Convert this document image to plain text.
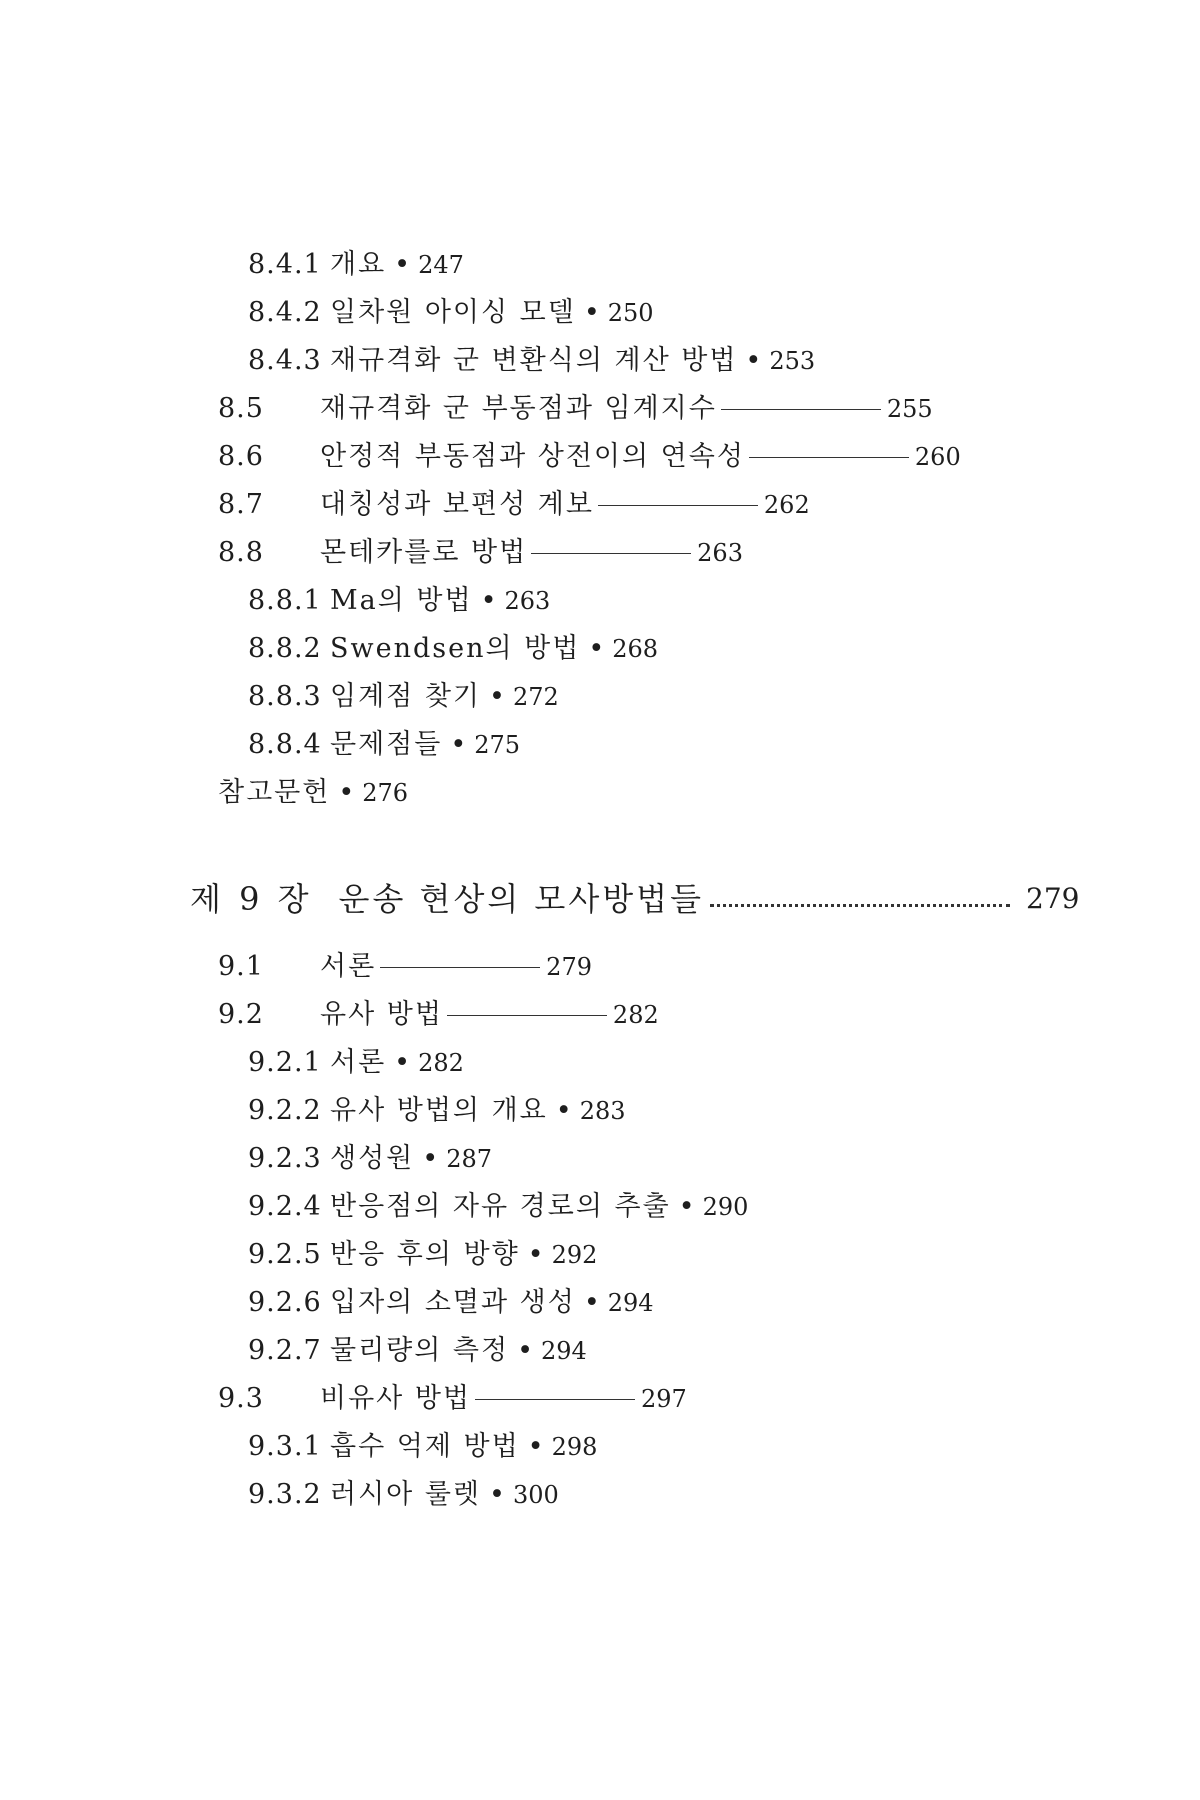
8.4.1 개요 • 247
8.4.2 일차원 아이싱 모델 • 250
8.4.3 재규격화 군 변환식의 계산 방법 • 253
8.5 재규격화 군 부동점과 임계지수	255
8.6 안정적 부동점과 상전이의 연속성	260
8.7 대칭성과 보편성 계보	262
8.8 몬테카를로 방법	263
8.8.1 Ma의 방법 • 263
8.8.2 Swendsen의 방법 • 268
8.8.3 임계점 찾기 • 272
8.8.4 문제점들 • 275
참고문헌 • 276
제 9 장 운송 현상의 모사방법들	279
9.1 서론	279
9.2 유사 방법	282
9.2.1 서론 • 282
9.2.2 유사 방법의 개요 • 283
9.2.3 생성원 • 287
9.2.4 반응점의 자유 경로의 추출 • 290
9.2.5 반응 후의 방향 • 292
9.2.6 입자의 소멸과 생성 • 294
9.2.7 물리량의 측정 • 294
9.3 비유사 방법	297
9.3.1 흡수 억제 방법 • 298
9.3.2 러시아 룰렛 • 300
